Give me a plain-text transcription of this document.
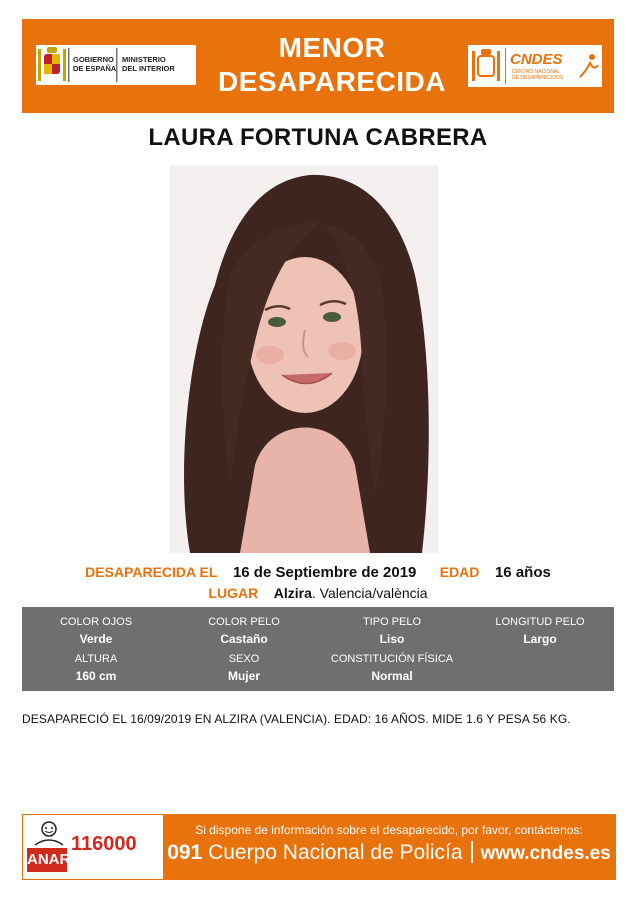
GOBIERNO
DE ESPAÑA
MINISTERIO
DEL INTERIOR
MENOR
DESAPARECIDA
CNDES
CENTRO NACIONAL
DE DESAPARECIDOS
LAURA FORTUNA CABRERA
DESAPARECIDA EL 16 de Septiembre de 2019 EDAD 16 años
LUGAR Alzira. Valencia/valència
COLOR OJOS
Verde
COLOR PELO
Castaño
TIPO PELO
Liso
LONGITUD PELO
Largo
ALTURA
160 cm
SEXO
Mujer
CONSTITUCIÓN FÍSICA
Normal
DESAPARECIÓ EL 16/09/2019 EN ALZIRA (VALENCIA). EDAD: 16 AÑOS. MIDE 1.6 Y PESA 56 KG.
ANAR
116000
Si dispone de información sobre el desaparecido, por favor, contáctenos:
091 Cuerpo Nacional de Policía www.cndes.es
